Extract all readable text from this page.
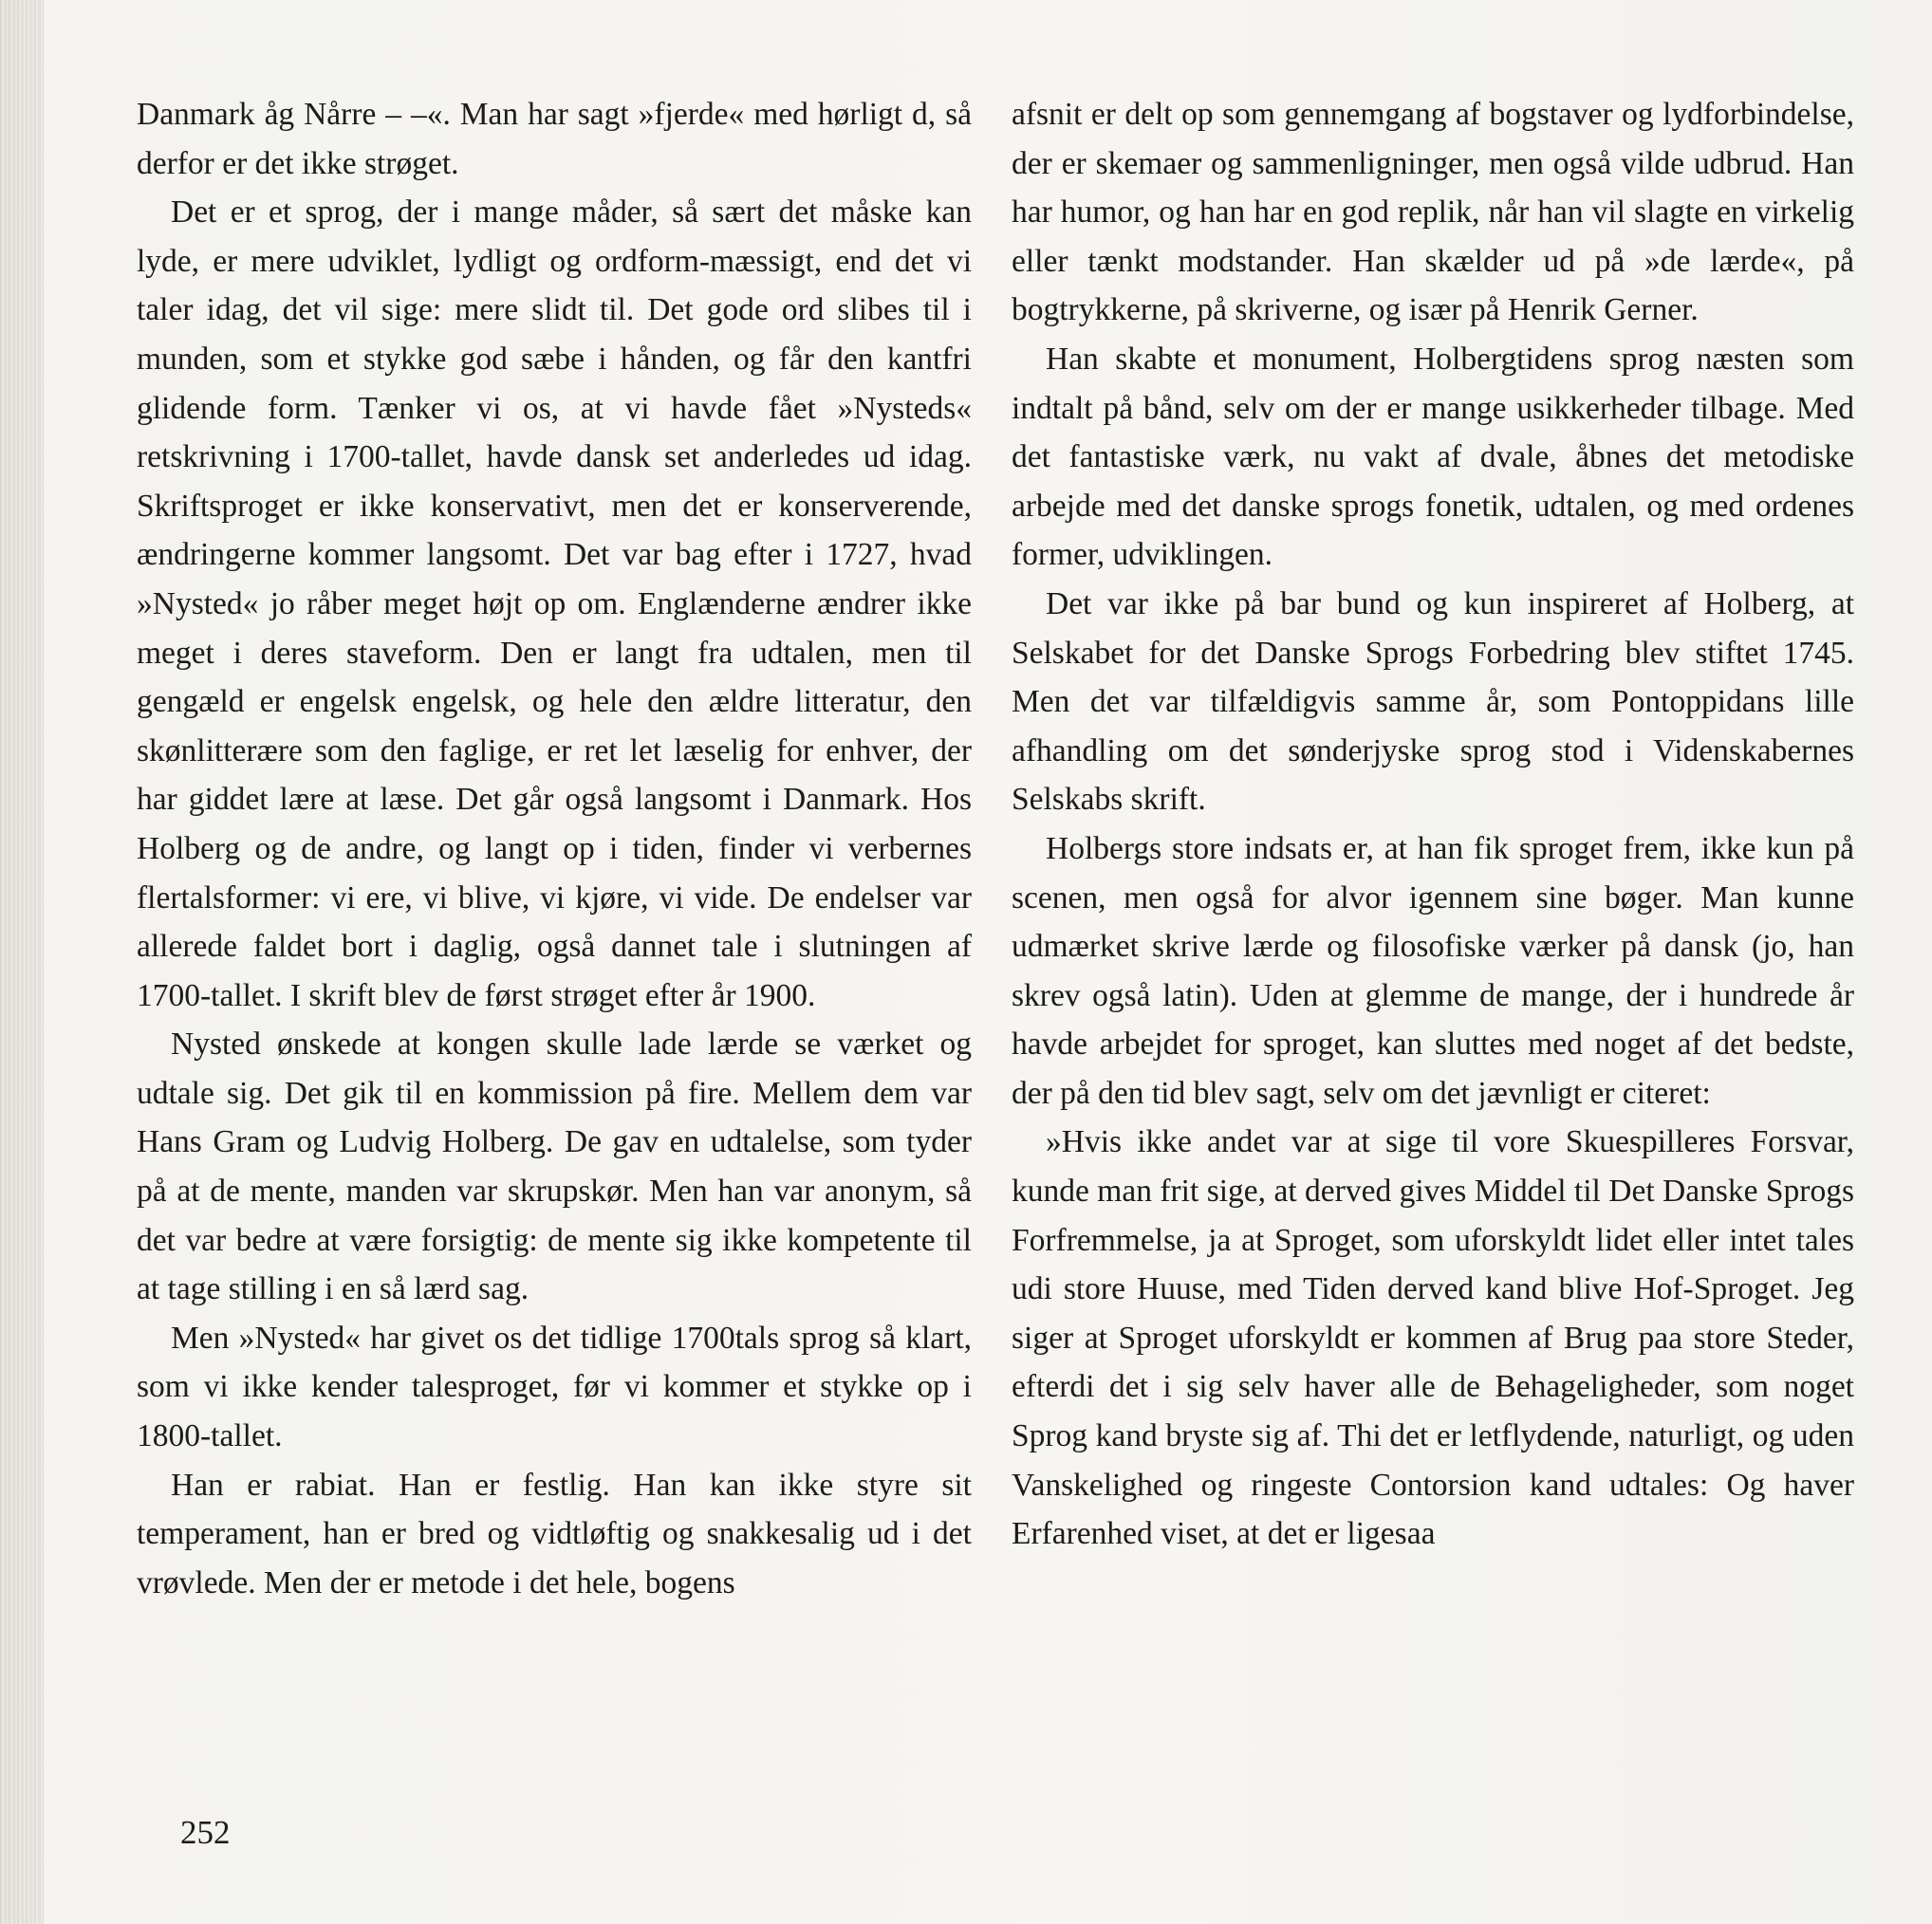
Danmark åg Nårre – –«. Man har sagt »fjerde« med hørligt d, så derfor er det ikke strøget.

Det er et sprog, der i mange måder, så sært det måske kan lyde, er mere udviklet, lydligt og ordform-mæssigt, end det vi taler idag, det vil sige: mere slidt til. Det gode ord slibes til i munden, som et stykke god sæbe i hånden, og får den kantfri glidende form. Tænker vi os, at vi havde fået »Nysteds« retskrivning i 1700-tallet, havde dansk set anderledes ud idag. Skriftsproget er ikke konservativt, men det er konserverende, ændringerne kommer langsomt. Det var bag efter i 1727, hvad »Nysted« jo råber meget højt op om. Englænderne ændrer ikke meget i deres staveform. Den er langt fra udtalen, men til gengæld er engelsk engelsk, og hele den ældre litteratur, den skønlitterære som den faglige, er ret let læselig for enhver, der har giddet lære at læse. Det går også langsomt i Danmark. Hos Holberg og de andre, og langt op i tiden, finder vi verbernes flertalsformer: vi ere, vi blive, vi kjøre, vi vide. De endelser var allerede faldet bort i daglig, også dannet tale i slutningen af 1700-tallet. I skrift blev de først strøget efter år 1900.

Nysted ønskede at kongen skulle lade lærde se værket og udtale sig. Det gik til en kommission på fire. Mellem dem var Hans Gram og Ludvig Holberg. De gav en udtalelse, som tyder på at de mente, manden var skrupskør. Men han var anonym, så det var bedre at være forsigtig: de mente sig ikke kompetente til at tage stilling i en så lærd sag.

Men »Nysted« har givet os det tidlige 1700tals sprog så klart, som vi ikke kender talesproget, før vi kommer et stykke op i 1800-tallet.

Han er rabiat. Han er festlig. Han kan ikke styre sit temperament, han er bred og vidtløftig og snakkesalig ud i det vrøvlede. Men der er metode i det hele, bogens

afsnit er delt op som gennemgang af bogstaver og lydforbindelse, der er skemaer og sammenligninger, men også vilde udbrud. Han har humor, og han har en god replik, når han vil slagte en virkelig eller tænkt modstander. Han skælder ud på »de lærde«, på bogtrykkerne, på skriverne, og især på Henrik Gerner.

Han skabte et monument, Holbergtidens sprog næsten som indtalt på bånd, selv om der er mange usikkerheder tilbage. Med det fantastiske værk, nu vakt af dvale, åbnes det metodiske arbejde med det danske sprogs fonetik, udtalen, og med ordenes former, udviklingen.

Det var ikke på bar bund og kun inspireret af Holberg, at Selskabet for det Danske Sprogs Forbedring blev stiftet 1745. Men det var tilfældigvis samme år, som Pontoppidans lille afhandling om det sønderjyske sprog stod i Videnskabernes Selskabs skrift.

Holbergs store indsats er, at han fik sproget frem, ikke kun på scenen, men også for alvor igennem sine bøger. Man kunne udmærket skrive lærde og filosofiske værker på dansk (jo, han skrev også latin). Uden at glemme de mange, der i hundrede år havde arbejdet for sproget, kan sluttes med noget af det bedste, der på den tid blev sagt, selv om det jævnligt er citeret:

»Hvis ikke andet var at sige til vore Skuespilleres Forsvar, kunde man frit sige, at derved gives Middel til Det Danske Sprogs Forfremmelse, ja at Sproget, som uforskyldt lidet eller intet tales udi store Huuse, med Tiden derved kand blive Hof-Sproget. Jeg siger at Sproget uforskyldt er kommen af Brug paa store Steder, efterdi det i sig selv haver alle de Behageligheder, som noget Sprog kand bryste sig af. Thi det er letflydende, naturligt, og uden Vanskelighed og ringeste Contorsion kand udtales: Og haver Erfarenhed viset, at det er ligesaa

252
